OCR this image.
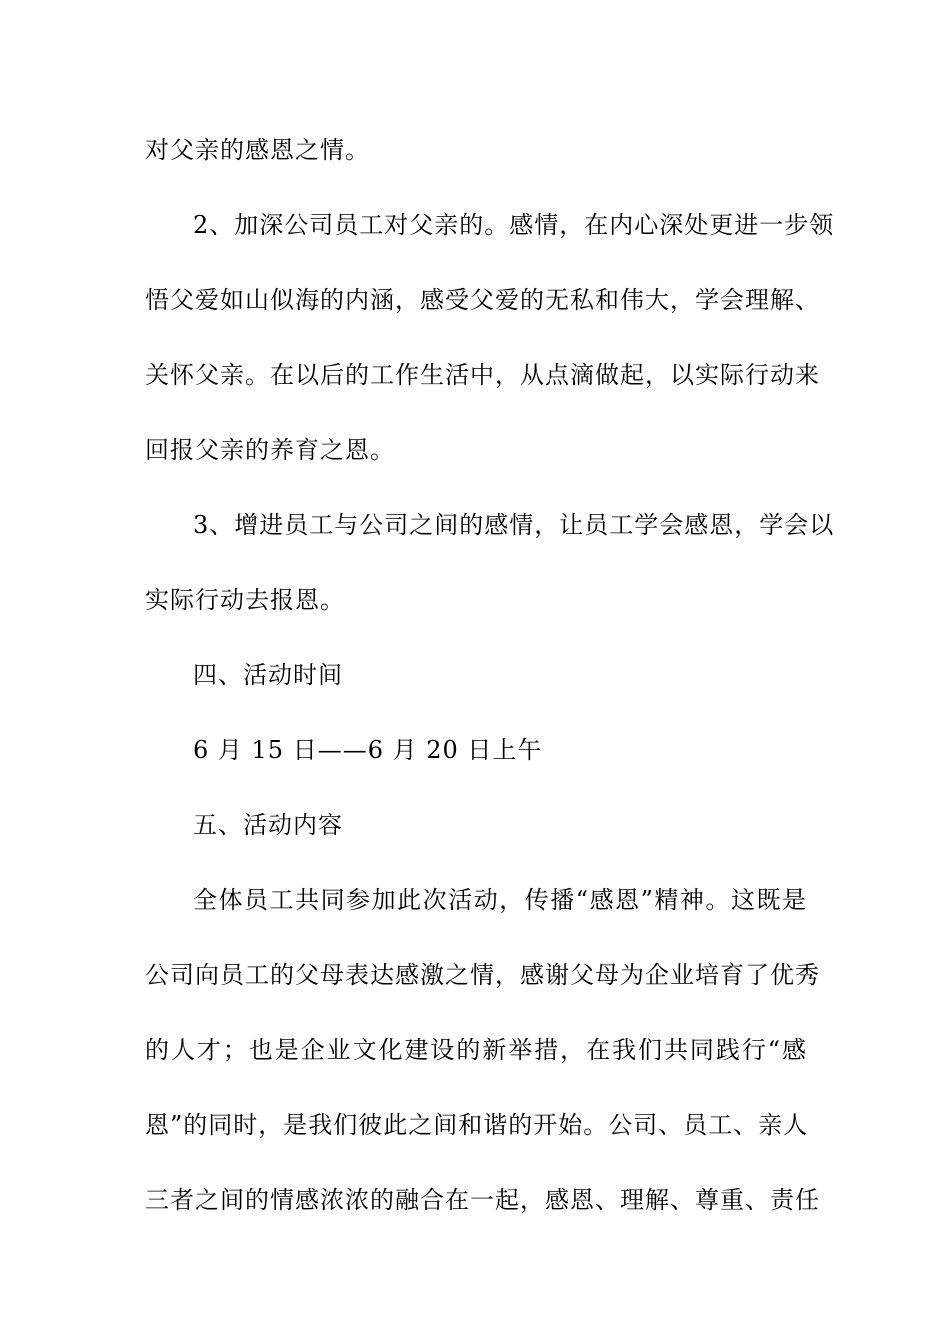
对父亲的感恩之情。
2、加深公司员工对父亲的。感情，在内心深处更进一步领
悟父爱如山似海的内涵，感受父爱的无私和伟大，学会理解、
关怀父亲。在以后的工作生活中，从点滴做起，以实际行动来
回报父亲的养育之恩。
3、增进员工与公司之间的感情，让员工学会感恩，学会以
实际行动去报恩。
四、活动时间
6 月 15 日——6 月 20 日上午
五、活动内容
全体员工共同参加此次活动，传播“感恩”精神。这既是
公司向员工的父母表达感激之情，感谢父母为企业培育了优秀
的人才；也是企业文化建设的新举措，在我们共同践行“感
恩”的同时，是我们彼此之间和谐的开始。公司、员工、亲人
三者之间的情感浓浓的融合在一起，感恩、理解、尊重、责任
